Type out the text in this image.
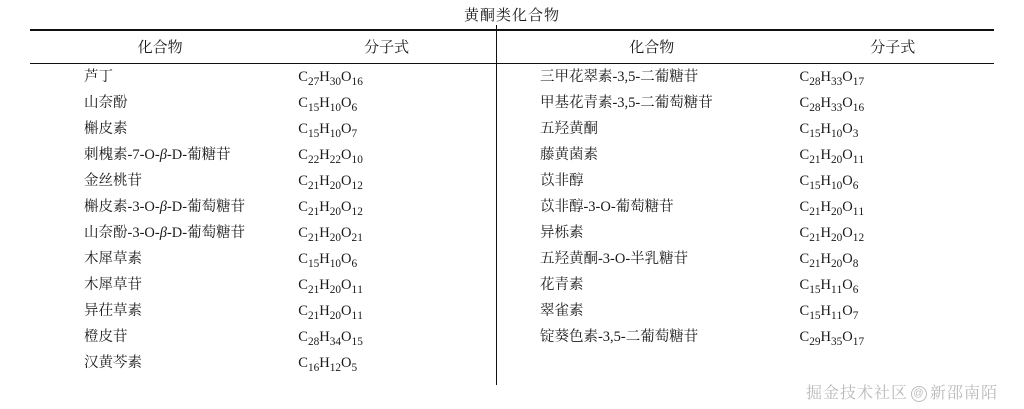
黄酮类化合物
化合物	分子式		化合物	分子式
芦丁	$C_{27}H_{30}O_{16}$		三甲花翠素-3,5-二葡糖苷	$C_{28}H_{33}O_{17}$
山奈酚	$C_{15}H_{10}O_6$		甲基花青素-3,5-二葡萄糖苷	$C_{28}H_{33}O_{16}$
槲皮素	$C_{15}H_{10}O_7$		五羟黄酮	$C_{15}H_{10}O_3$
刺槐素-7-O-β-D-葡糖苷	$C_{22}H_{22}O_{10}$		藤黄菌素	$C_{21}H_{20}O_{11}$
金丝桃苷	$C_{21}H_{20}O_{12}$		苡非醇	$C_{15}H_{10}O_6$
槲皮素-3-O-β-D-葡萄糖苷	$C_{21}H_{20}O_{12}$		苡非醇-3-O-葡萄糖苷	$C_{21}H_{20}O_{11}$
山奈酚-3-O-β-D-葡萄糖苷	$C_{21}H_{20}O_{21}$		异栎素	$C_{21}H_{20}O_{12}$
木犀草素	$C_{15}H_{10}O_6$		五羟黄酮-3-O-半乳糖苷	$C_{21}H_{20}O_8$
木犀草苷	$C_{21}H_{20}O_{11}$		花青素	$C_{15}H_{11}O_6$
异茌草素	$C_{21}H_{20}O_{11}$		翠雀素	$C_{15}H_{11}O_7$
橙皮苷	$C_{28}H_{34}O_{15}$		锭葵色素-3,5-二葡萄糖苷	$C_{29}H_{35}O_{17}$
汉黄芩素	$C_{16}H_{12}O_5$			
掘金技术社区 @ 新邵南陌
